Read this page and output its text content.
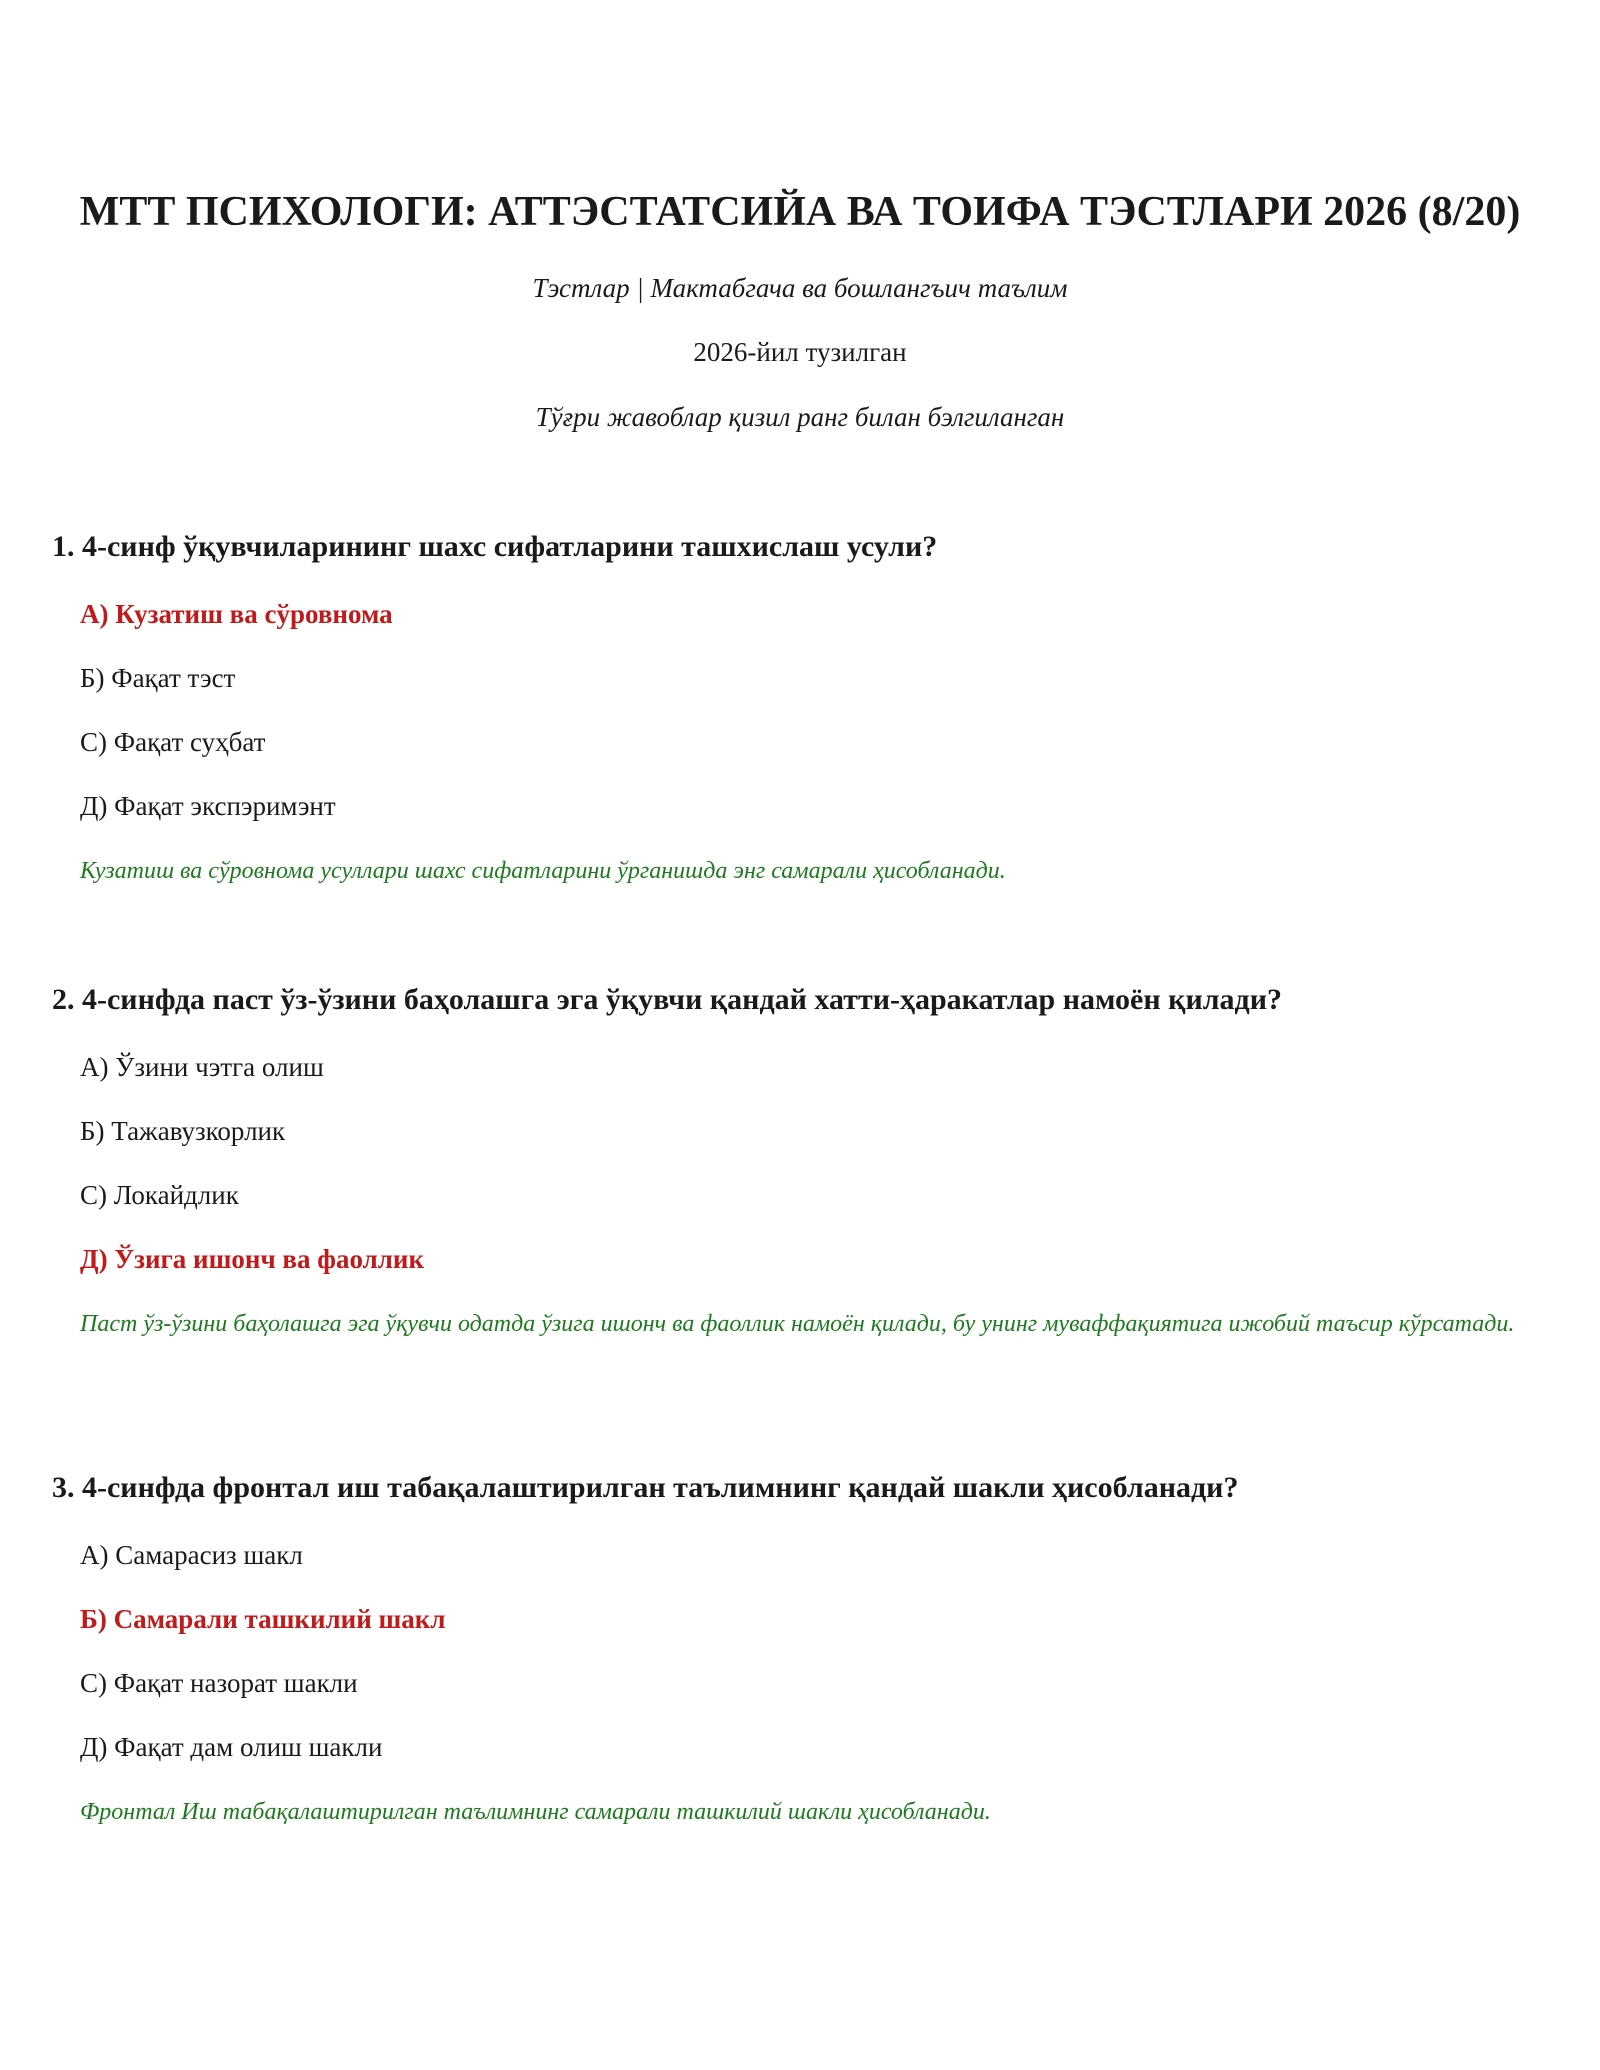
МТТ ПСИХОЛОГИ: АТТЭСТАТСИЙА ВА ТОИФА ТЭСТЛАРИ 2026 (8/20)
Тэстлар | Мактабгача ва бошлангъич таълим
2026-йил тузилган
Тўғри жавоблар қизил ранг билан бэлгиланган
1. 4-синф ўқувчиларининг шахс сифатларини ташхислаш усули?
А) Кузатиш ва сўровнома
Б) Фақат тэст
С) Фақат суҳбат
Д) Фақат экспэримэнт
Кузатиш ва сўровнома усуллари шахс сифатларини ўрганишда энг самарали ҳисобланади.
2. 4-синфда паст ўз-ўзини баҳолашга эга ўқувчи қандай хатти-ҳаракатлар намоён қилади?
А) Ўзини чэтга олиш
Б) Тажавузкорлик
С) Локайдлик
Д) Ўзига ишонч ва фаоллик
Паст ўз-ўзини баҳолашга эга ўқувчи одатда ўзига ишонч ва фаоллик намоён қилади, бу унинг муваффақиятига ижобий таъсир кўрсатади.
3. 4-синфда фронтал иш табақалаштирилган таълимнинг қандай шакли ҳисобланади?
А) Самарасиз шакл
Б) Самарали ташкилий шакл
С) Фақат назорат шакли
Д) Фақат дам олиш шакли
Фронтал Иш табақалаштирилган таълимнинг самарали ташкилий шакли ҳисобланади.
